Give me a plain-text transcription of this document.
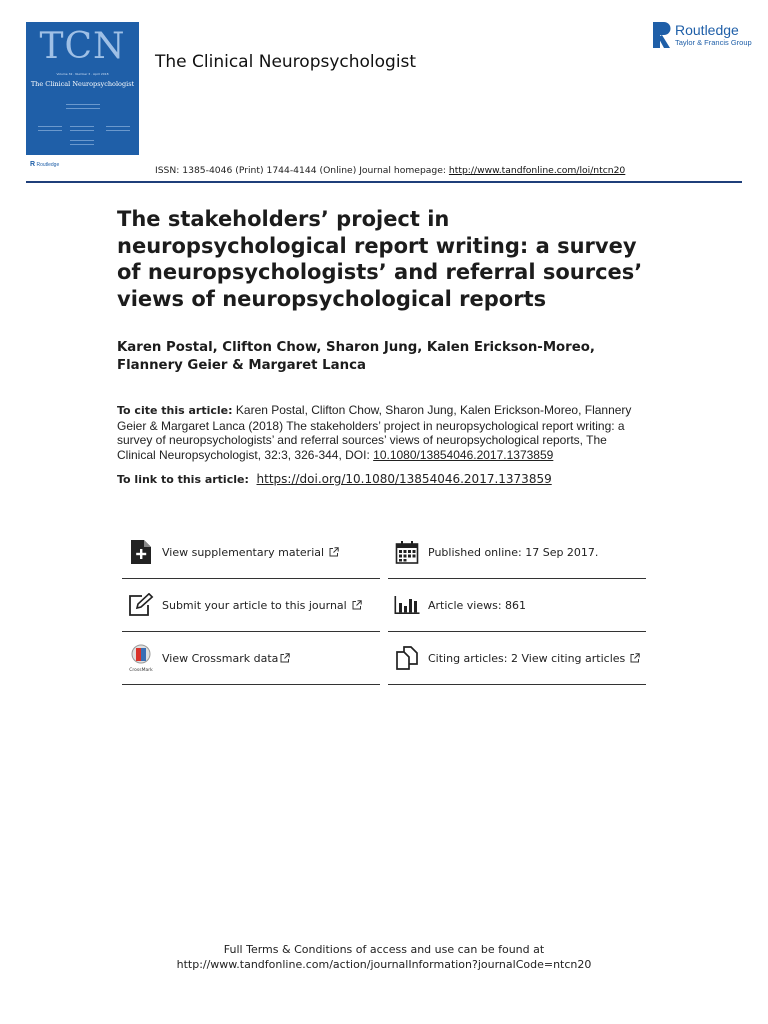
TCN
Volume 32 · Number 3 · April 2018
The Clinical Neuropsychologist
R Routledge
The Clinical Neuropsychologist
Routledge
Taylor & Francis Group
ISSN: 1385-4046 (Print) 1744-4144 (Online) Journal homepage: http://www.tandfonline.com/loi/ntcn20
The stakeholders’ project in neuropsychological report writing: a survey of neuropsychologists’ and referral sources’ views of neuropsychological reports
Karen Postal, Clifton Chow, Sharon Jung, Kalen Erickson-Moreo, Flannery Geier & Margaret Lanca
To cite this article: Karen Postal, Clifton Chow, Sharon Jung, Kalen Erickson-Moreo, Flannery Geier & Margaret Lanca (2018) The stakeholders’ project in neuropsychological report writing: a survey of neuropsychologists’ and referral sources’ views of neuropsychological reports, The Clinical Neuropsychologist, 32:3, 326-344, DOI: 10.1080/13854046.2017.1373859
To link to this article: https://doi.org/10.1080/13854046.2017.1373859
View supplementary material	Published online: 17 Sep 2017.
Submit your article to this journal	Article views: 861
CrossMark
View Crossmark data	Citing articles: 2 View citing articles
Full Terms & Conditions of access and use can be found at
http://www.tandfonline.com/action/journalInformation?journalCode=ntcn20
